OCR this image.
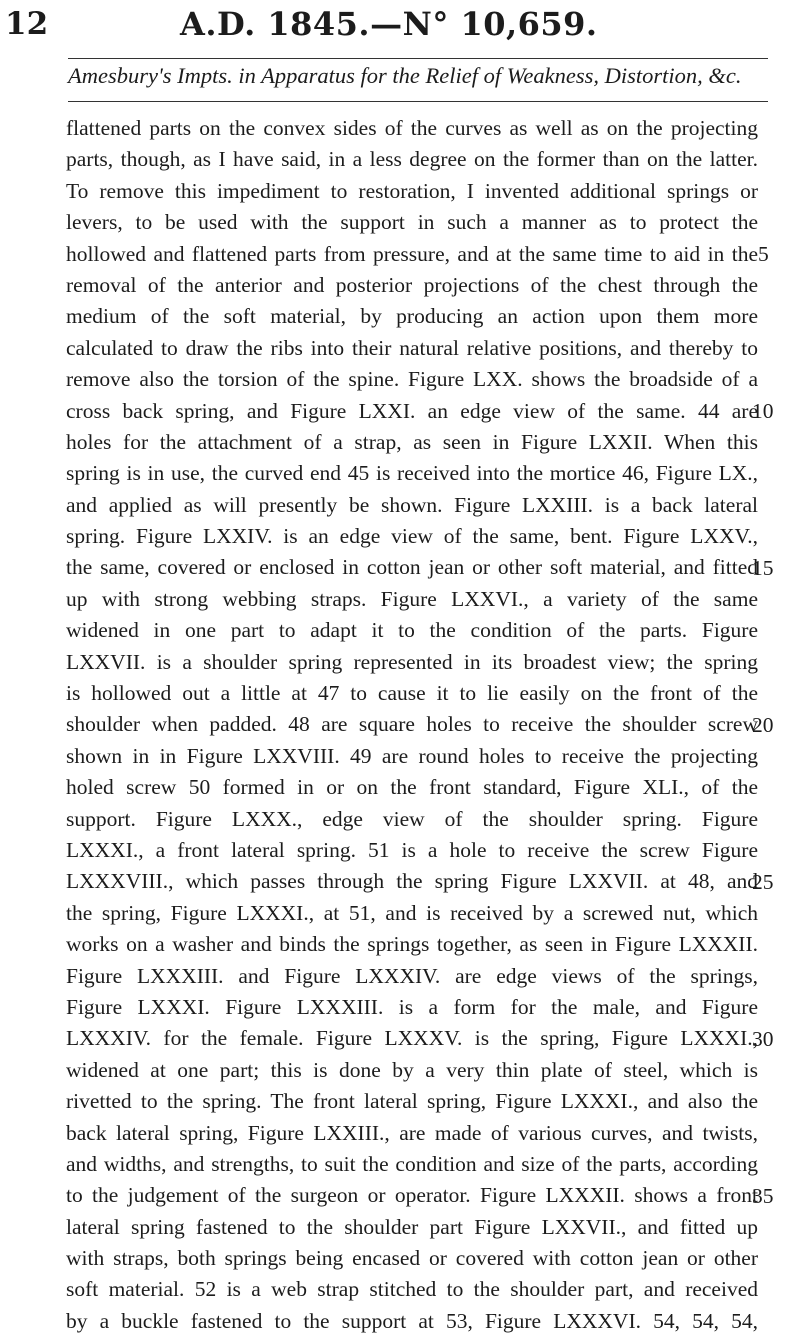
12	A.D. 1845.—N° 10,659.
Amesbury's Impts. in Apparatus for the Relief of Weakness, Distortion, &c.
flattened parts on the convex sides of the curves as well as on the projecting
parts, though, as I have said, in a less degree on the former than on the latter.
To remove this impediment to restoration, I invented additional springs or
levers, to be used with the support in such a manner as to protect the
hollowed and flattened parts from pressure, and at the same time to aid in the
removal of the anterior and posterior projections of the chest through the
medium of the soft material, by producing an action upon them more
calculated to draw the ribs into their natural relative positions, and thereby to
remove also the torsion of the spine. Figure LXX. shows the broadside of a
cross back spring, and Figure LXXI. an edge view of the same. 44 are
holes for the attachment of a strap, as seen in Figure LXXII. When this
spring is in use, the curved end 45 is received into the mortice 46, Figure LX.,
and applied as will presently be shown. Figure LXXIII. is a back lateral
spring. Figure LXXIV. is an edge view of the same, bent. Figure LXXV.,
the same, covered or enclosed in cotton jean or other soft material, and fitted
up with strong webbing straps. Figure LXXVI., a variety of the same
widened in one part to adapt it to the condition of the parts. Figure
LXXVII. is a shoulder spring represented in its broadest view; the spring
is hollowed out a little at 47 to cause it to lie easily on the front of the
shoulder when padded. 48 are square holes to receive the shoulder screw
shown in in Figure LXXVIII. 49 are round holes to receive the projecting
holed screw 50 formed in or on the front standard, Figure XLI., of the
support. Figure LXXX., edge view of the shoulder spring. Figure
LXXXI., a front lateral spring. 51 is a hole to receive the screw Figure
LXXXVIII., which passes through the spring Figure LXXVII. at 48, and
the spring, Figure LXXXI., at 51, and is received by a screwed nut, which
works on a washer and binds the springs together, as seen in Figure LXXXII.
Figure LXXXIII. and Figure LXXXIV. are edge views of the springs,
Figure LXXXI. Figure LXXXIII. is a form for the male, and Figure
LXXXIV. for the female. Figure LXXXV. is the spring, Figure LXXXI.,
widened at one part; this is done by a very thin plate of steel, which is
rivetted to the spring. The front lateral spring, Figure LXXXI., and also the
back lateral spring, Figure LXXIII., are made of various curves, and twists,
and widths, and strengths, to suit the condition and size of the parts, according
to the judgement of the surgeon or operator. Figure LXXXII. shows a front
lateral spring fastened to the shoulder part Figure LXXVII., and fitted up
with straps, both springs being encased or covered with cotton jean or other
soft material. 52 is a web strap stitched to the shoulder part, and received
by a buckle fastened to the support at 53, Figure LXXXVI. 54, 54, 54,
5
10
15
20
25
30
35
